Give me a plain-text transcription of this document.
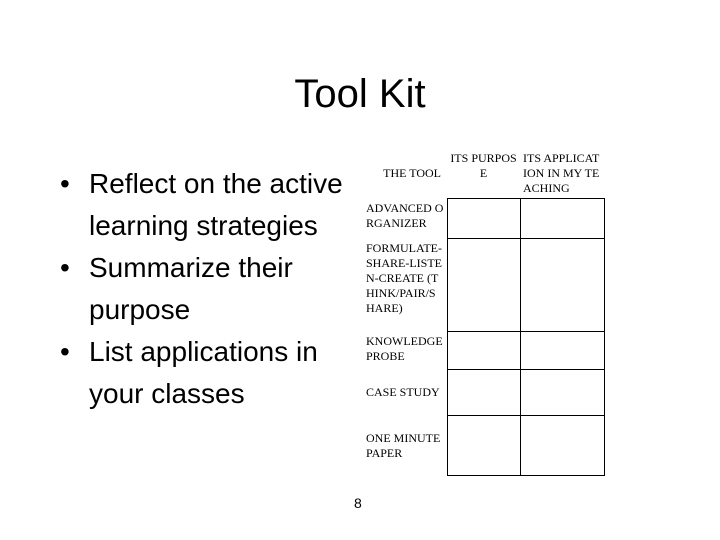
Tool Kit
• Reflect on the active learning strategies
• Summarize their purpose
• List applications in your classes
THE TOOL	ITS PURPOSE	ITS APPLICATION IN MY TEACHING
ADVANCED ORGANIZER		
FORMULATE-SHARE-LISTEN-CREATE (THINK/PAIR/SHARE)		
KNOWLEDGE PROBE		
CASE STUDY		
ONE MINUTE PAPER		
8
